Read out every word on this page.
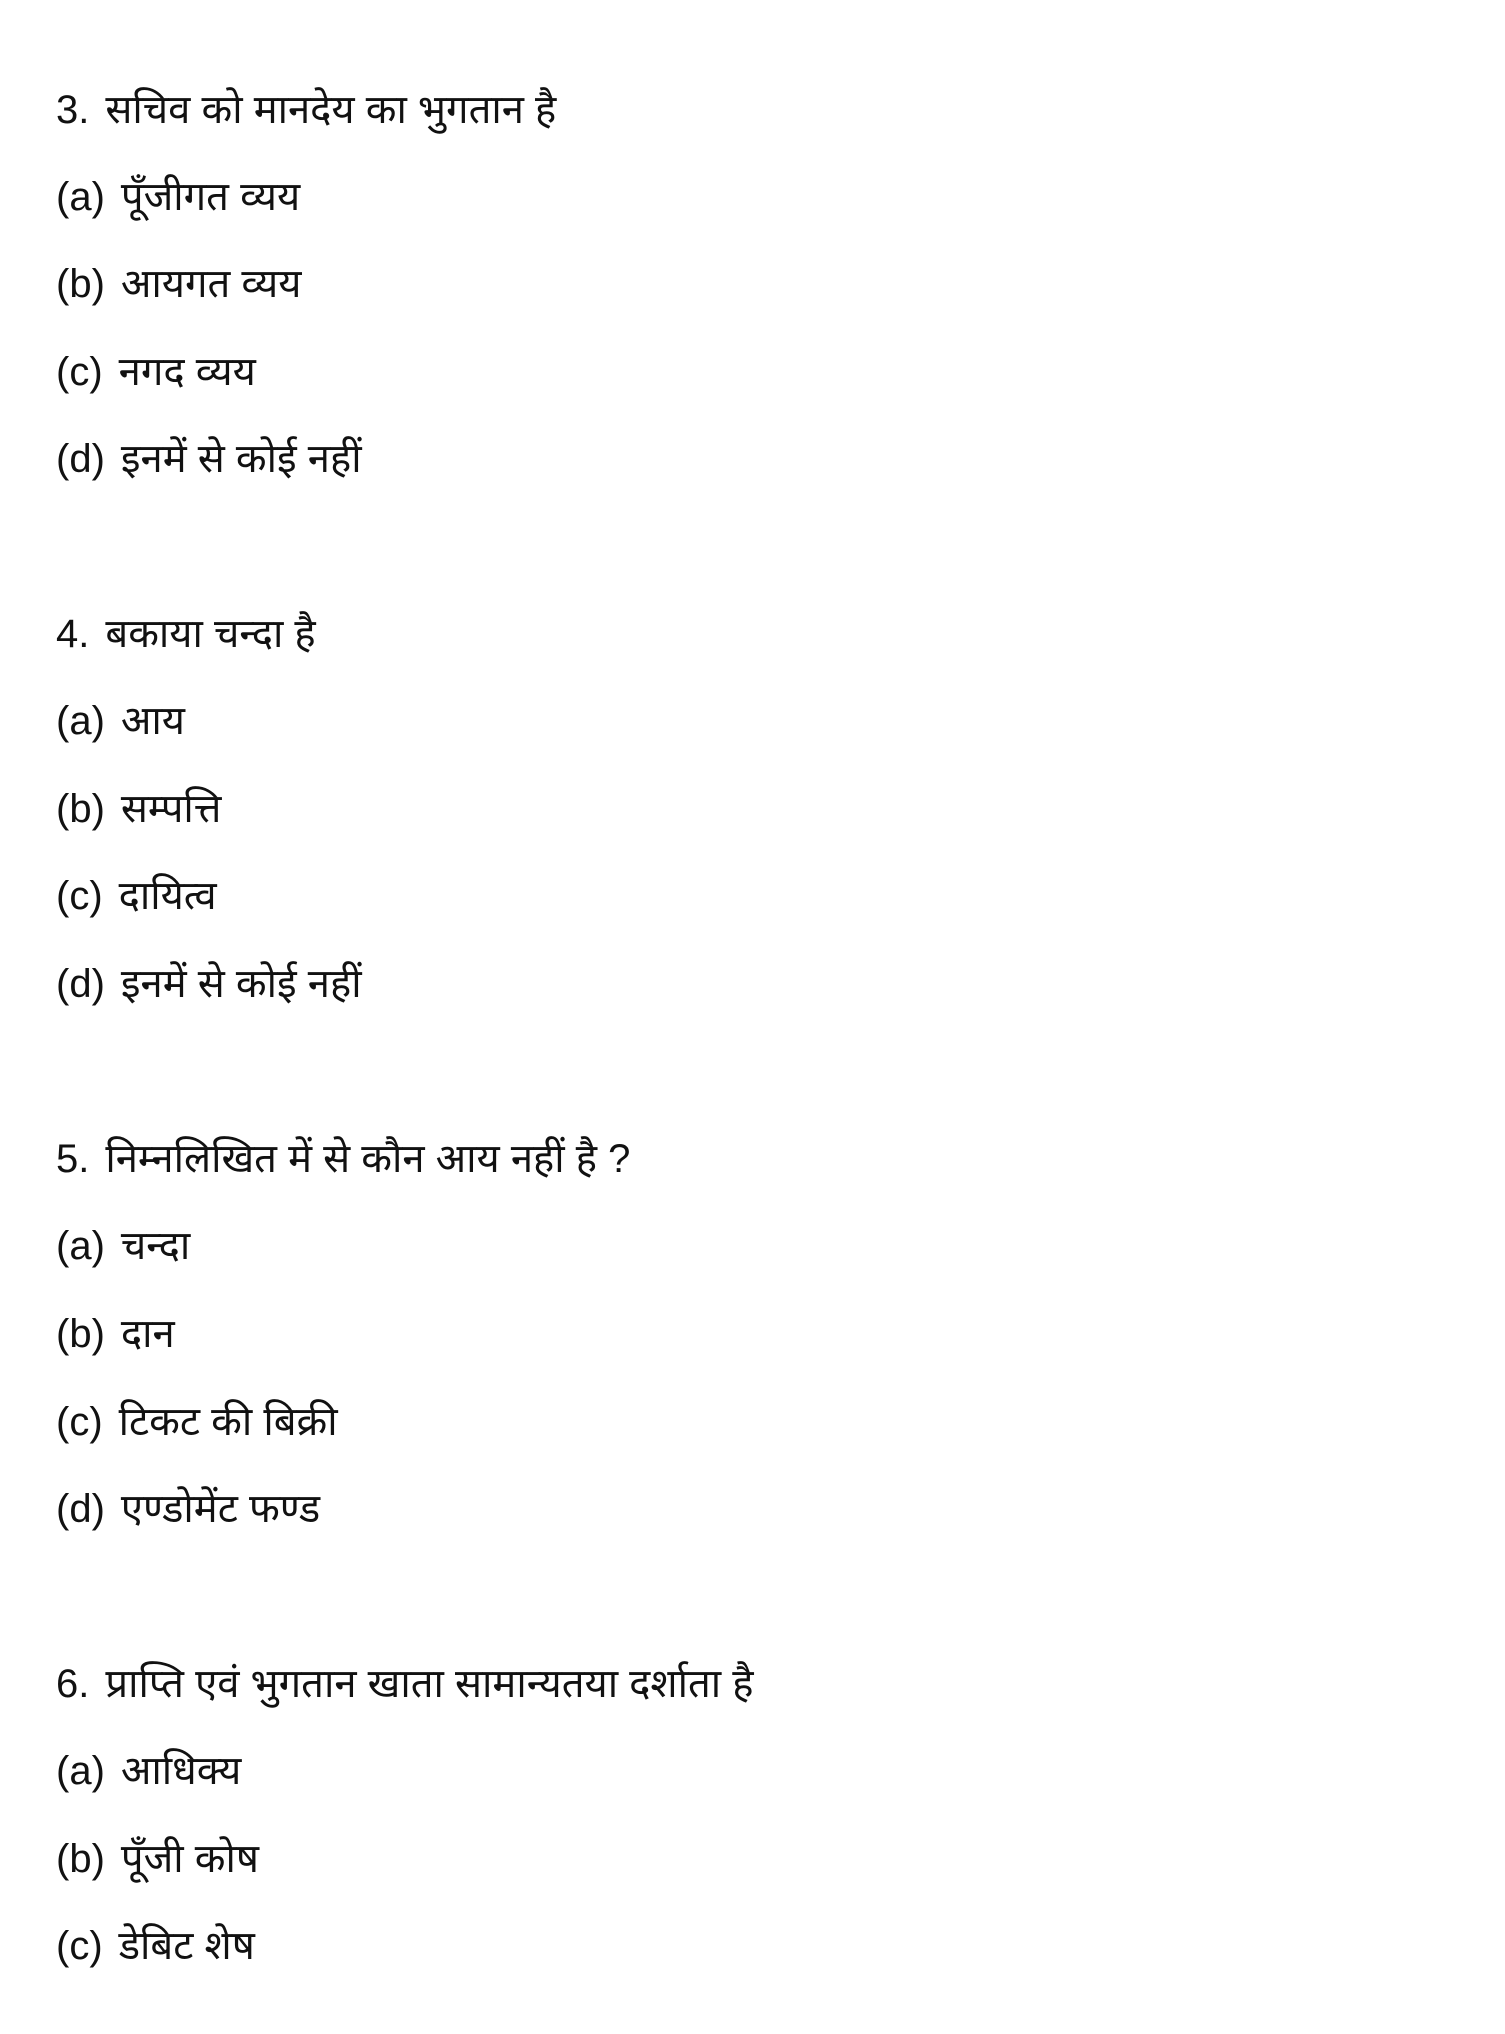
3. सचिव को मानदेय का भुगतान है
(a) पूँजीगत व्यय
(b) आयगत व्यय
(c) नगद व्यय
(d) इनमें से कोई नहीं
4. बकाया चन्दा है
(a) आय
(b) सम्पत्ति
(c) दायित्व
(d) इनमें से कोई नहीं
5. निम्नलिखित में से कौन आय नहीं है ?
(a) चन्दा
(b) दान
(c) टिकट की बिक्री
(d) एण्डोमेंट फण्ड
6. प्राप्ति एवं भुगतान खाता सामान्यतया दर्शाता है
(a) आधिक्य
(b) पूँजी कोष
(c) डेबिट शेष
